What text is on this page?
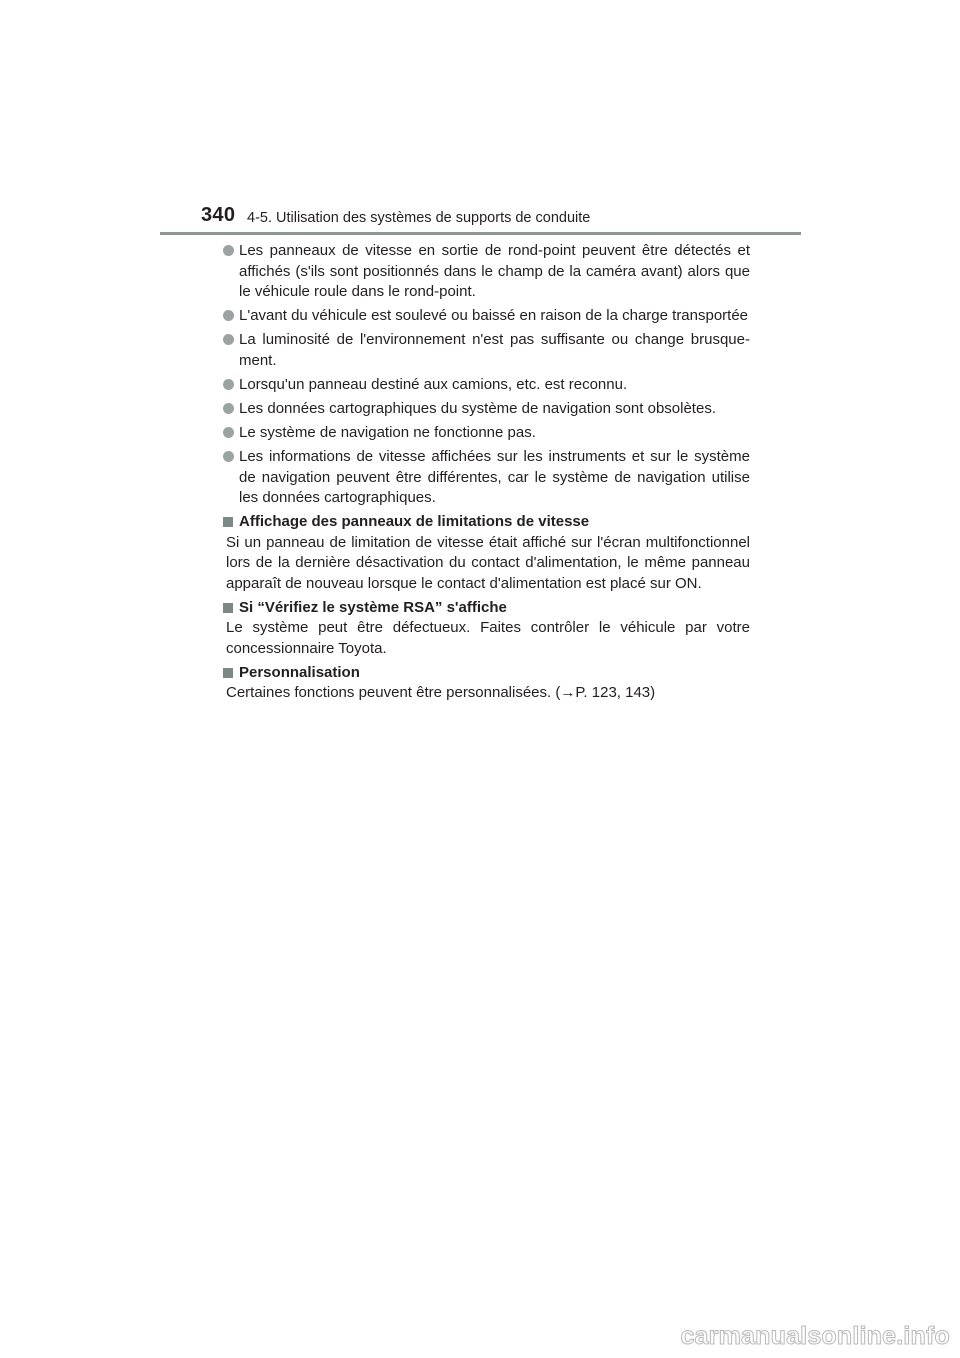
340 4-5. Utilisation des systèmes de supports de conduite
Les panneaux de vitesse en sortie de rond-point peuvent être détectés et affichés (s'ils sont positionnés dans le champ de la caméra avant) alors que le véhicule roule dans le rond-point.
L'avant du véhicule est soulevé ou baissé en raison de la charge transportée
La luminosité de l'environnement n'est pas suffisante ou change brusquement.
Lorsqu'un panneau destiné aux camions, etc. est reconnu.
Les données cartographiques du système de navigation sont obsolètes.
Le système de navigation ne fonctionne pas.
Les informations de vitesse affichées sur les instruments et sur le système de navigation peuvent être différentes, car le système de navigation utilise les données cartographiques.
Affichage des panneaux de limitations de vitesse
Si un panneau de limitation de vitesse était affiché sur l'écran multifonctionnel lors de la dernière désactivation du contact d'alimentation, le même panneau apparaît de nouveau lorsque le contact d'alimentation est placé sur ON.
Si “Vérifiez le système RSA” s'affiche
Le système peut être défectueux. Faites contrôler le véhicule par votre concessionnaire Toyota.
Personnalisation
Certaines fonctions peuvent être personnalisées. (→P. 123, 143)
carmanualsonline.info
